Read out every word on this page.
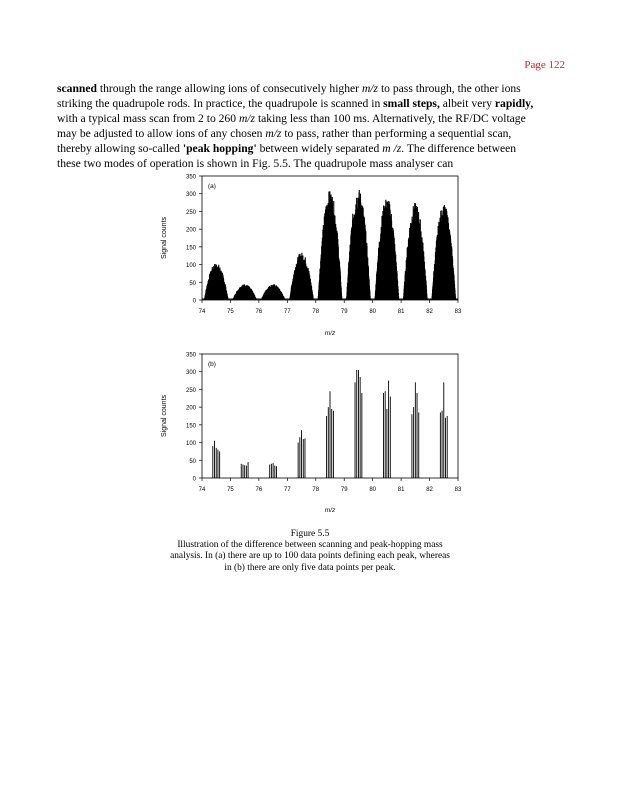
Page 122
scanned through the range allowing ions of consecutively higher m/z to pass through, the other ions
striking the quadrupole rods. In practice, the quadrupole is scanned in small steps, albeit very rapidly,
with a typical mass scan from 2 to 260 m/z taking less than 100 ms. Alternatively, the RF/DC voltage
may be adjusted to allow ions of any chosen m/z to pass, rather than performing a sequential scan,
thereby allowing so-called 'peak hopping' between widely separated m /z. The difference between
these two modes of operation is shown in Fig. 5.5. The quadrupole mass analyser can
0
50
100
150
200
250
300
350
74	75	76	77	78	79	80	81	82	83
m/z
Signal counts
(a)
0
50
100
150
200
250
300
350
74	75	76	77	78	79	80	81	82	83
m/z
Signal counts
(b)
Figure 5.5
Illustration of the difference between scanning and peak-hopping mass
analysis. In (a) there are up to 100 data points defining each peak, whereas
in (b) there are only five data points per peak.
